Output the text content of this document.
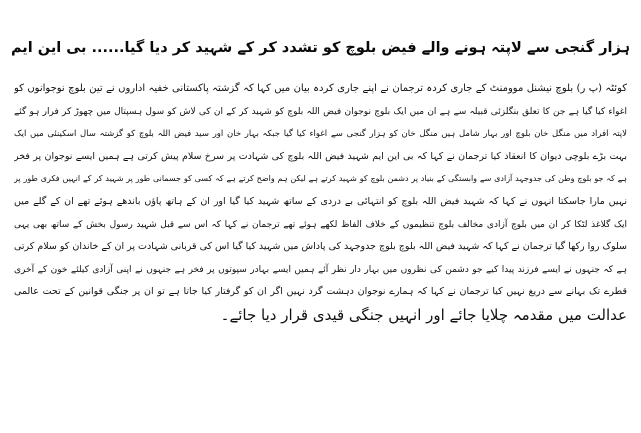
ہزار گنجی سے لاپتہ ہونے والے فیض بلوچ کو تشدد کر کے شہید کر دیا گیا...... بی این ایم
کوئٹہ (پ ر) بلوچ نیشنل موومنٹ کے جاری کردہ ترجمان نے اپنے جاری کردہ بیان میں کہا کہ گزشتہ پاکستانی خفیہ اداروں نے تین بلوچ نوجوانوں کو
اغواء کیا گیا ہے جن کا تعلق بنگلزئی قبیلہ سے ہے ان میں ایک بلوچ نوجوان فیض اللہ بلوچ کو شہید کر کے ان کی لاش کو سول ہسپتال میں چھوڑ کر فرار ہو گئے
لاپتہ افراد میں منگل خان بلوچ اور بہار شامل ہیں منگل خان کو ہزار گنجی سے اغواء کیا گیا جبکہ بہار خان اور سید فیض اللہ بلوچ کو گزشتہ سال اسکینئی میں ایک
بہت بڑے بلوچی دیوان کا انعقاد کیا ترجمان نے کہا کہ بی این ایم شہید فیض اللہ بلوچ کی شہادت پر سرخ سلام پیش کرتی ہے ہمیں ایسے نوجوان پر فخر
ہے کہ جو بلوچ وطن کی جدوجہد آزادی سے وابستگی کے بنیاد پر دشمن بلوچ کو شہید کرتے ہے لیکن ہم واضح کرتے ہے کہ کسی کو جسمانی طور پر شہید کر کے انہیں فکری طور پر
نہیں مارا جاسکتا انہوں نے کہا کہ شہید فیض اللہ بلوچ کو انتہائی بے دردی کے ساتھ شہید کیا گیا اور ان کے ہاتھ پاؤں باندھے ہوئے تھے ان کے گلے میں
ایک گلاغذ لٹکا کر ان میں بلوچ آزادی مخالف بلوچ تنظیموں کے خلاف الفاظ لکھے ہوئے تھے ترجمان نے کہا کہ اس سے قبل شہید رسول بخش کے ساتھ بھی یہی
سلوک روا رکھا گیا ترجمان نے کہا کہ شہید فیض اللہ بلوچ بلوچ جدوجہد کی پاداش میں شہید کیا گیا اس کی قربانی شہادت پر ان کے خاندان کو سلام کرتی
ہے کہ جنہوں نے ایسے فرزند پیدا کیے جو دشمن کی نظروں میں بہار دار نظر آئے ہمیں ایسے بہادر سپوتوں پر فخر ہے جنہوں نے اپنی آزادی کیلئے خون کے آخری
قطرے تک بہانے سے دریغ نہیں کیا ترجمان نے کہا کہ ہمارے نوجوان دہشت گرد نہیں اگر ان کو گرفتار کیا جاتا ہے تو ان پر جنگی قوانین کے تحت عالمی
عدالت میں مقدمہ چلایا جائے اور انہیں جنگی قیدی قرار دیا جائے۔
